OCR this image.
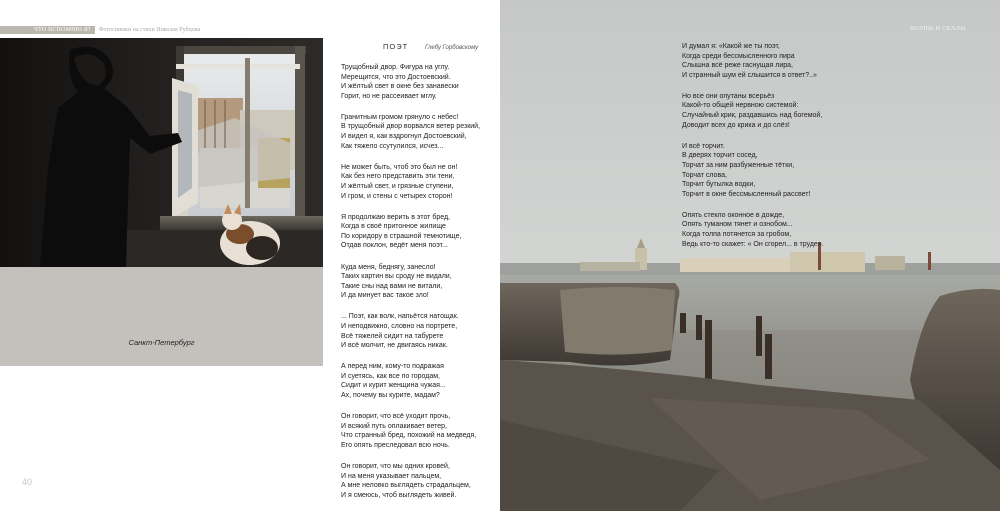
ЧТО ВСПОМНЮ Я?	Фотоснимки на стихи Николая Рубцова
Санкт-Петербург
ПОЭТ	Глебу Горбовскому
Трущобный двор. Фигура на углу.
Мерещится, что это Достоевский.
И жёлтый свет в окне без занавески
Горит, но не рассеивает мглу.
Гранитным громом грянуло с небес!
В трущобный двор ворвался ветер резкий,
И видел я, как вздрогнул Достоевский,
Как тяжело ссутулился, исчез...
Не может быть, чтоб это был не он!
Как без него представить эти тени,
И жёлтый свет, и грязные ступени,
И гром, и стены с четырех сторон!
Я продолжаю верить в этот бред,
Когда в своё притонное жилище
По коридору в страшной темнотище,
Отдав поклон, ведёт меня поэт...
Куда меня, беднягу, занесло!
Таких картин вы сроду не видали,
Такие сны над вами не витали,
И да минует вас такое зло!
... Поэт, как волк, напьётся натощак.
И неподвижно, словно на портрете,
Всё тяжелей сидит на табурете
И всё молчит, не двигаясь никак.
А перед ним, кому-то подражая
И суетясь, как все по городам,
Сидит и курит женщина чужая...
Ах, почему вы курите, мадам?
Он говорит, что всё уходит прочь,
И всякий путь оплакивает ветер,
Что странный бред, похожий на медведя,
Его опять преследовал всю ночь.
Он говорит, что мы одних кровей,
И на меня указывает пальцем,
А мне неловко выглядеть страдальцем,
И я смеюсь, чтоб выглядеть живей.
40
ВОЛНЫ И СКАЛЫ
И думал я: «Какой же ты поэт,
Когда среди бессмысленного пира
Слышна всё реже гаснущая лира,
И странный шум ей слышится в ответ?..»
Но все они опутаны всерьёз
Какой-то общей нервною системой:
Случайный крик, раздавшись над богемой,
Доводит всех до крика и до слёз!
И всё торчит.
В дверях торчит сосед,
Торчат за ним разбуженные тётки,
Торчат слова,
Торчит бутылка водки,
Торчит в окне бессмысленный рассвет!
Опять стекло оконное в дожде,
Опять туманом тянет и ознобом...
Когда толпа потянется за гробом,
Ведь кто-то скажет: « Он сгорел... в труде».
